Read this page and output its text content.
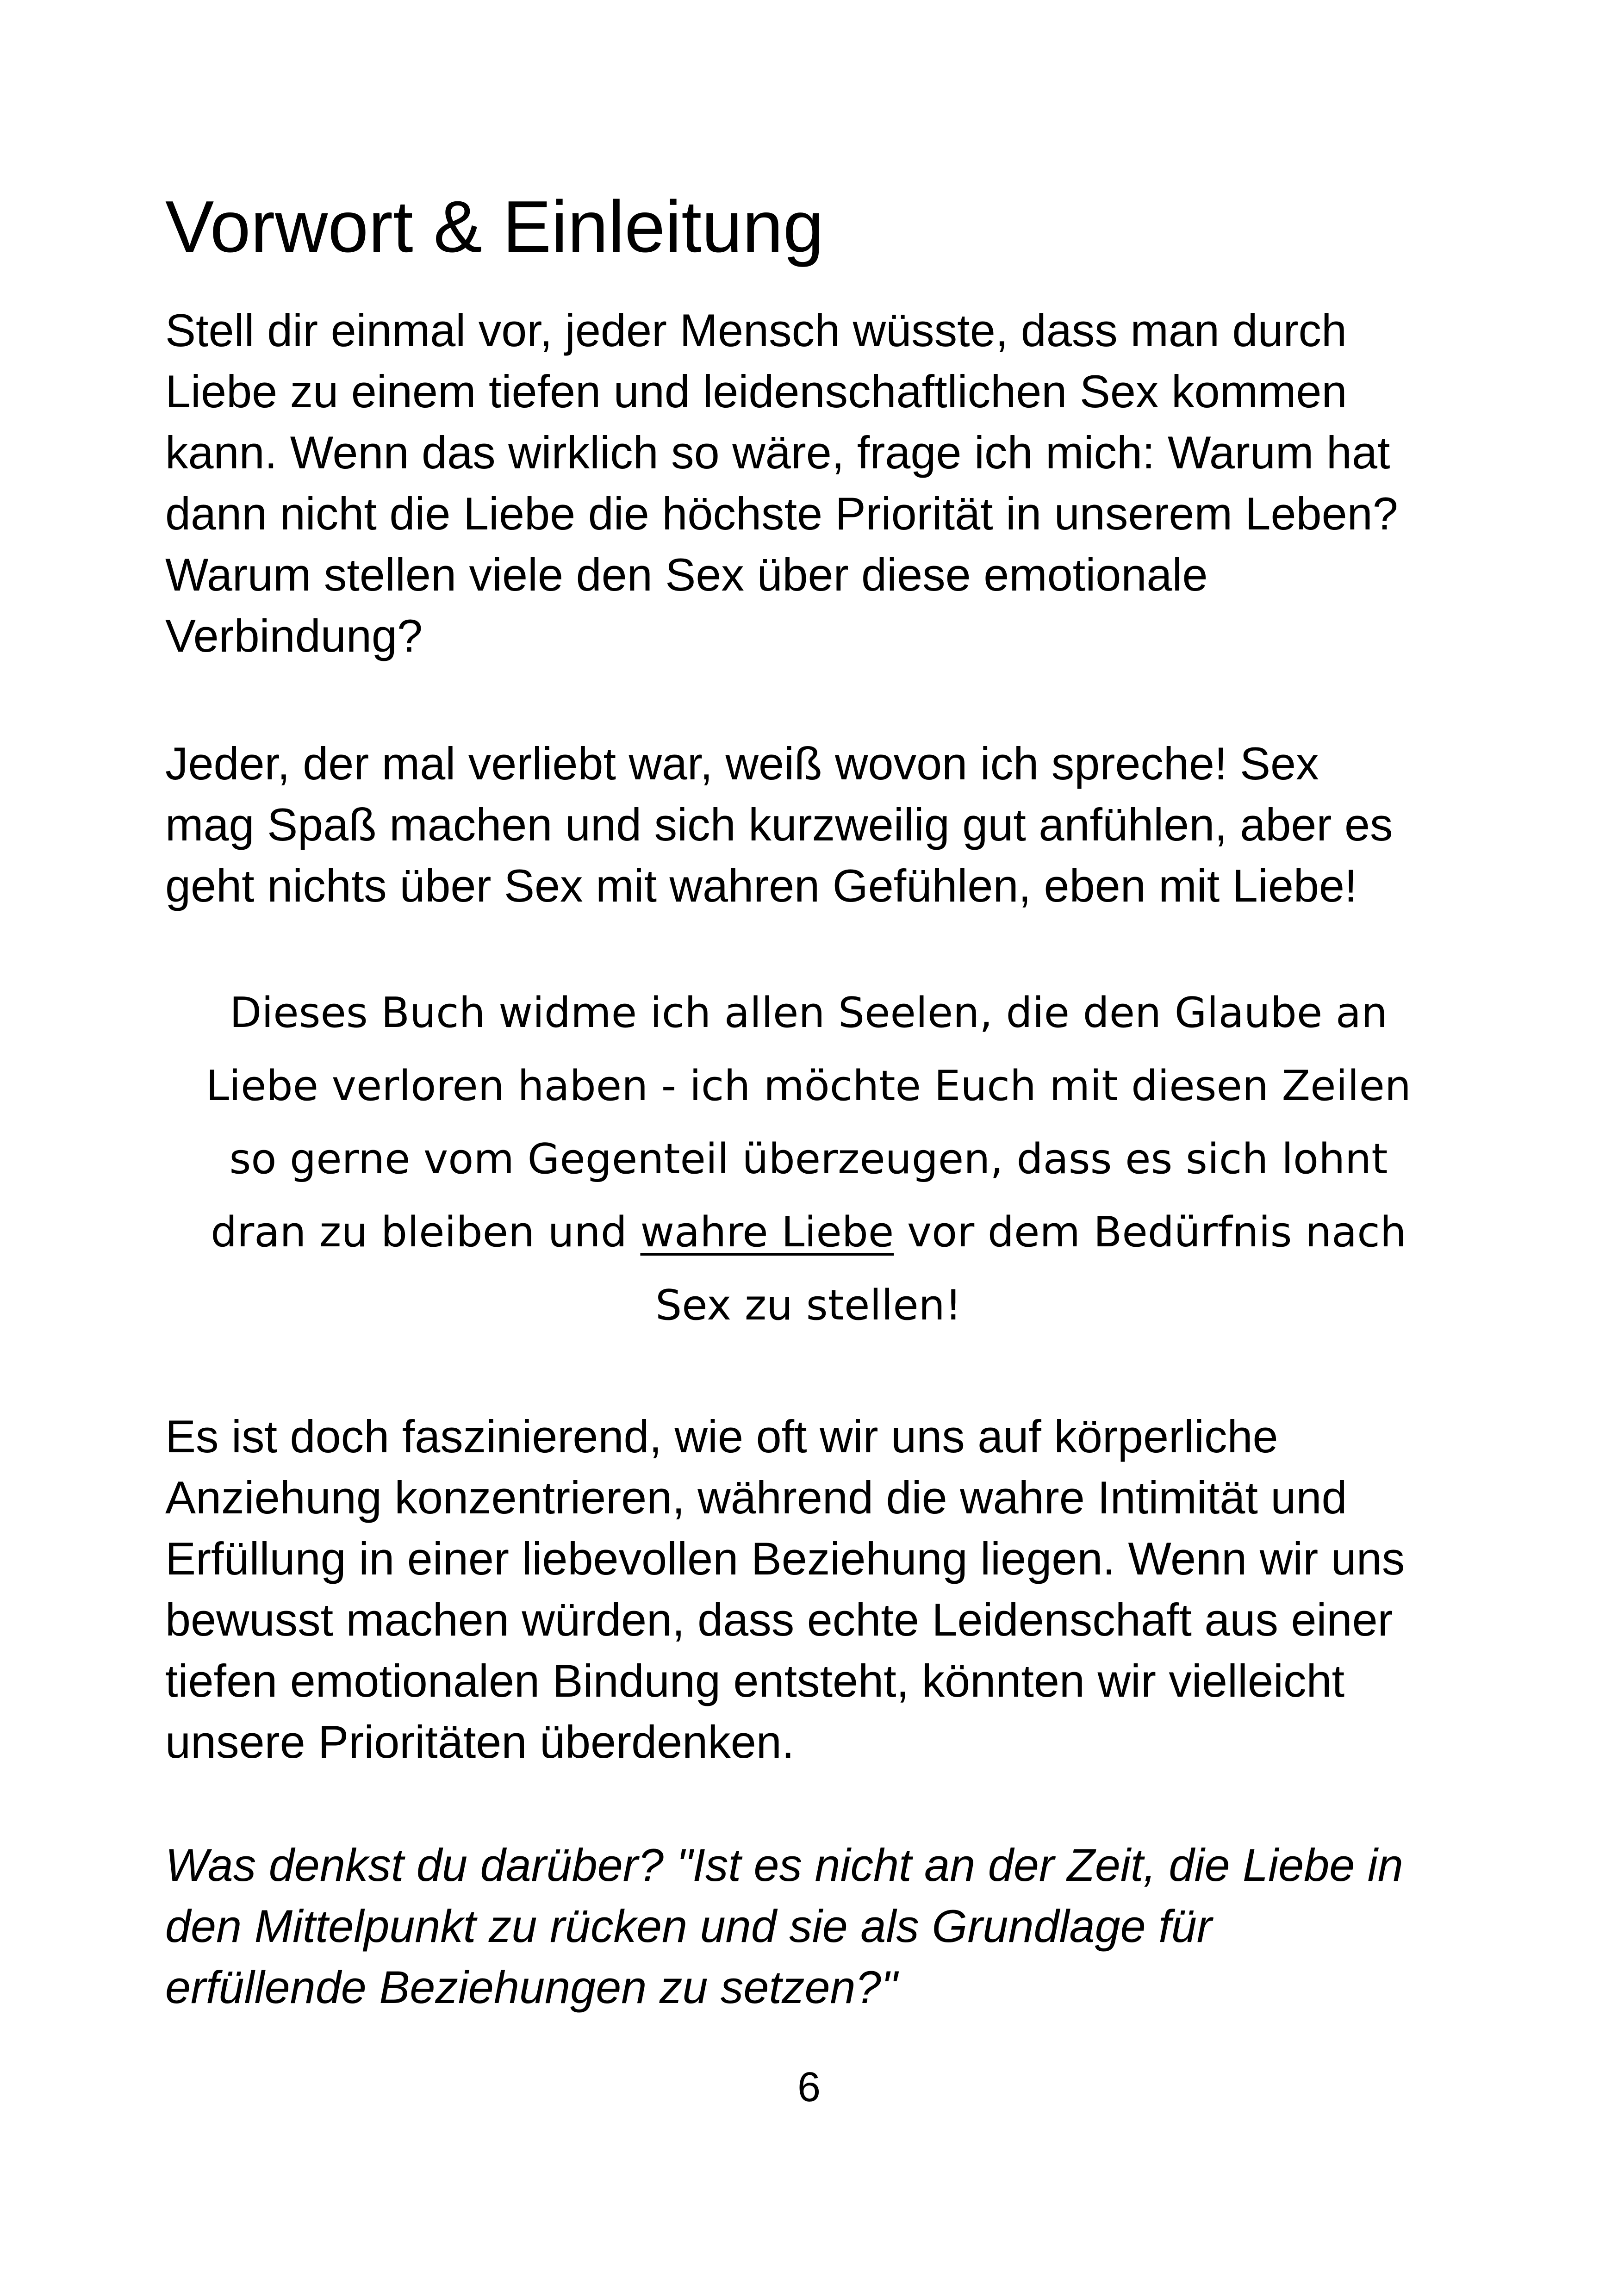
Vorwort & Einleitung

Stell dir einmal vor, jeder Mensch wüsste, dass man durch
Liebe zu einem tiefen und leidenschaftlichen Sex kommen
kann. Wenn das wirklich so wäre, frage ich mich: Warum hat
dann nicht die Liebe die höchste Priorität in unserem Leben?
Warum stellen viele den Sex über diese emotionale
Verbindung?

Jeder, der mal verliebt war, weiß wovon ich spreche! Sex
mag Spaß machen und sich kurzweilig gut anfühlen, aber es
geht nichts über Sex mit wahren Gefühlen, eben mit Liebe!

Dieses Buch widme ich allen Seelen, die den Glaube an
Liebe verloren haben - ich möchte Euch mit diesen Zeilen
so gerne vom Gegenteil überzeugen, dass es sich lohnt
dran zu bleiben und wahre Liebe vor dem Bedürfnis nach
Sex zu stellen!

Es ist doch faszinierend, wie oft wir uns auf körperliche
Anziehung konzentrieren, während die wahre Intimität und
Erfüllung in einer liebevollen Beziehung liegen. Wenn wir uns
bewusst machen würden, dass echte Leidenschaft aus einer
tiefen emotionalen Bindung entsteht, könnten wir vielleicht
unsere Prioritäten überdenken.

Was denkst du darüber? "Ist es nicht an der Zeit, die Liebe in
den Mittelpunkt zu rücken und sie als Grundlage für
erfüllende Beziehungen zu setzen?"

6
